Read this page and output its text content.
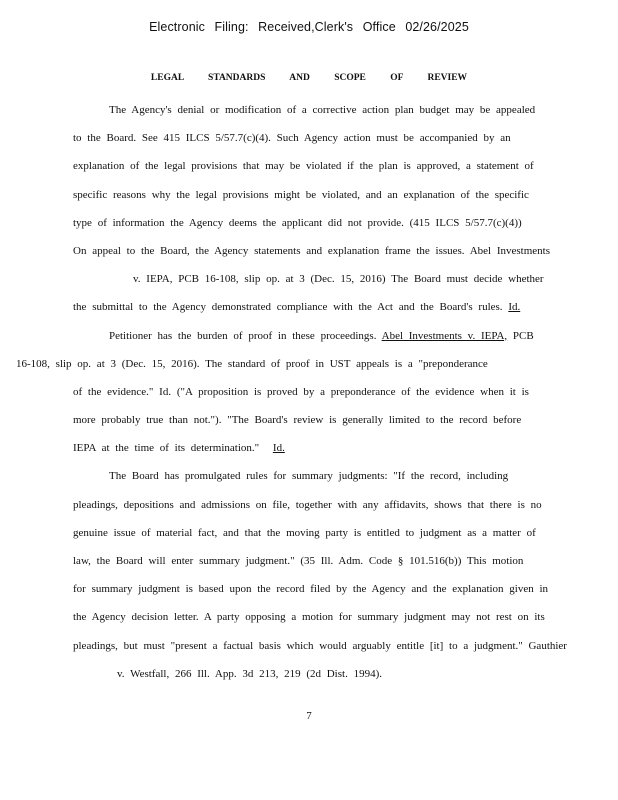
Electronic Filing: Received,Clerk's Office 02/26/2025
LEGAL STANDARDS AND SCOPE OF REVIEW
The Agency's denial or modification of a corrective action plan budget may be appealed
to the Board. See 415 ILCS 5/57.7(c)(4). Such Agency action must be accompanied by an
explanation of the legal provisions that may be violated if the plan is approved, a statement of
specific reasons why the legal provisions might be violated, and an explanation of the specific
type of information the Agency deems the applicant did not provide. (415 ILCS 5/57.7(c)(4))
On appeal to the Board, the Agency statements and explanation frame the issues. Abel Investments
v. IEPA, PCB 16-108, slip op. at 3 (Dec. 15, 2016) The Board must decide whether
the submittal to the Agency demonstrated compliance with the Act and the Board's rules. Id.
Petitioner has the burden of proof in these proceedings. Abel Investments v. IEPA, PCB
16-108, slip op. at 3 (Dec. 15, 2016). The standard of proof in UST appeals is a "preponderance
of the evidence." Id. ("A proposition is proved by a preponderance of the evidence when it is
more probably true than not."). "The Board's review is generally limited to the record before
IEPA at the time of its determination." Id.
The Board has promulgated rules for summary judgments: "If the record, including
pleadings, depositions and admissions on file, together with any affidavits, shows that there is no
genuine issue of material fact, and that the moving party is entitled to judgment as a matter of
law, the Board will enter summary judgment." (35 Ill. Adm. Code § 101.516(b)) This motion
for summary judgment is based upon the record filed by the Agency and the explanation given in
the Agency decision letter. A party opposing a motion for summary judgment may not rest on its
pleadings, but must "present a factual basis which would arguably entitle [it] to a judgment." Gauthier
v. Westfall, 266 Ill. App. 3d 213, 219 (2d Dist. 1994).
7
